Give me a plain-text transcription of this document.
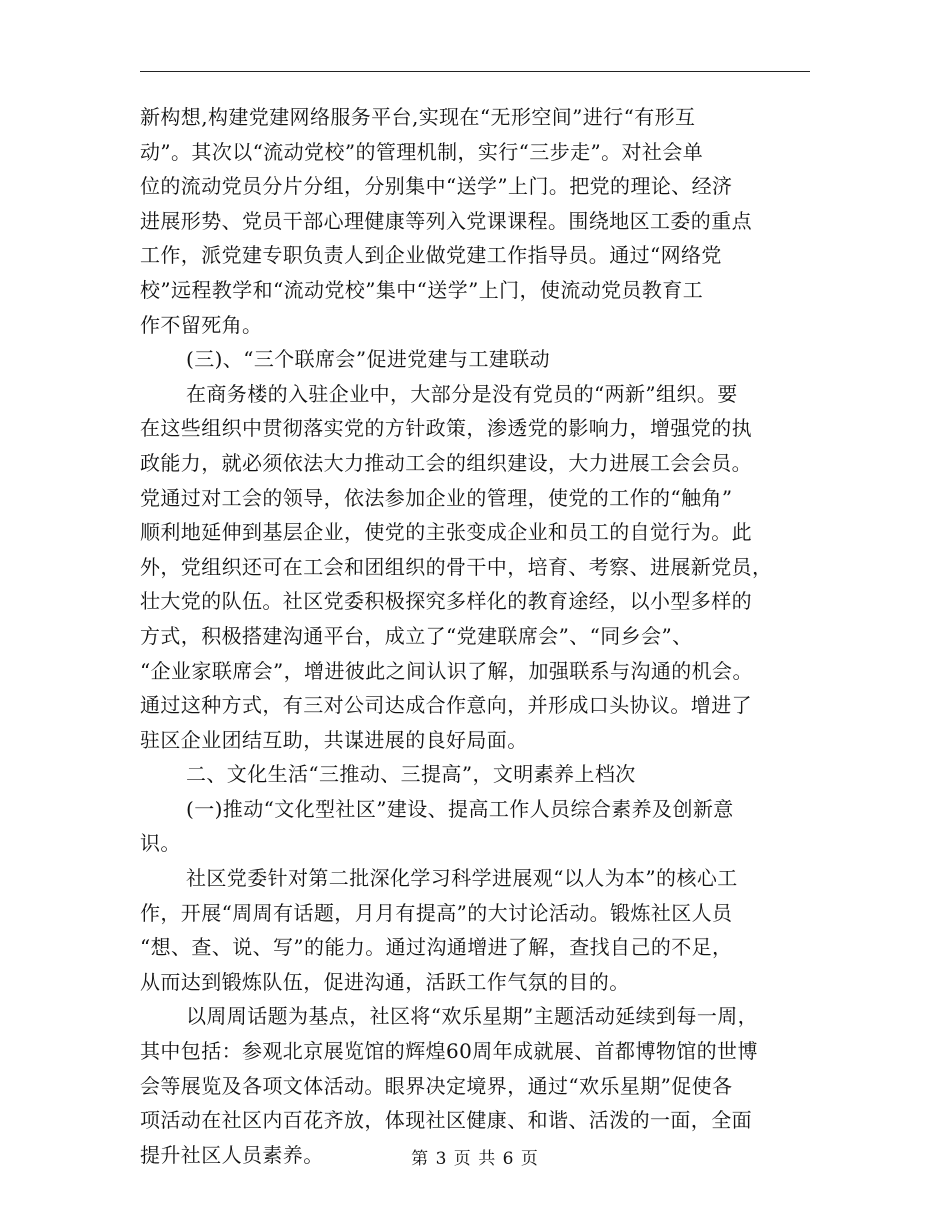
新构想,构建党建网络服务平台,实现在“无形空间”进行“有形互
动”。其次以“流动党校”的管理机制，实行“三步走”。对社会单
位的流动党员分片分组，分别集中“送学”上门。把党的理论、经济
进展形势、党员干部心理健康等列入党课课程。围绕地区工委的重点
工作，派党建专职负责人到企业做党建工作指导员。通过“网络党
校”远程教学和“流动党校”集中“送学”上门，使流动党员教育工
作不留死角。
(三)、“三个联席会”促进党建与工建联动
在商务楼的入驻企业中，大部分是没有党员的“两新”组织。要
在这些组织中贯彻落实党的方针政策，渗透党的影响力，增强党的执
政能力，就必须依法大力推动工会的组织建设，大力进展工会会员。
党通过对工会的领导，依法参加企业的管理，使党的工作的“触角”
顺利地延伸到基层企业，使党的主张变成企业和员工的自觉行为。此
外，党组织还可在工会和团组织的骨干中，培育、考察、进展新党员，
壮大党的队伍。社区党委积极探究多样化的教育途经，以小型多样的
方式，积极搭建沟通平台，成立了“党建联席会”、“同乡会”、
“企业家联席会”，增进彼此之间认识了解，加强联系与沟通的机会。
通过这种方式，有三对公司达成合作意向，并形成口头协议。增进了
驻区企业团结互助，共谋进展的良好局面。
二、文化生活“三推动、三提高”，文明素养上档次
(一)推动“文化型社区”建设、提高工作人员综合素养及创新意
识。
社区党委针对第二批深化学习科学进展观“以人为本”的核心工
作，开展“周周有话题，月月有提高”的大讨论活动。锻炼社区人员
“想、查、说、写”的能力。通过沟通增进了解，查找自己的不足，
从而达到锻炼队伍，促进沟通，活跃工作气氛的目的。
以周周话题为基点，社区将“欢乐星期”主题活动延续到每一周，
其中包括：参观北京展览馆的辉煌60周年成就展、首都博物馆的世博
会等展览及各项文体活动。眼界决定境界，通过“欢乐星期”促使各
项活动在社区内百花齐放，体现社区健康、和谐、活泼的一面，全面
提升社区人员素养。	第 3 页 共 6 页
